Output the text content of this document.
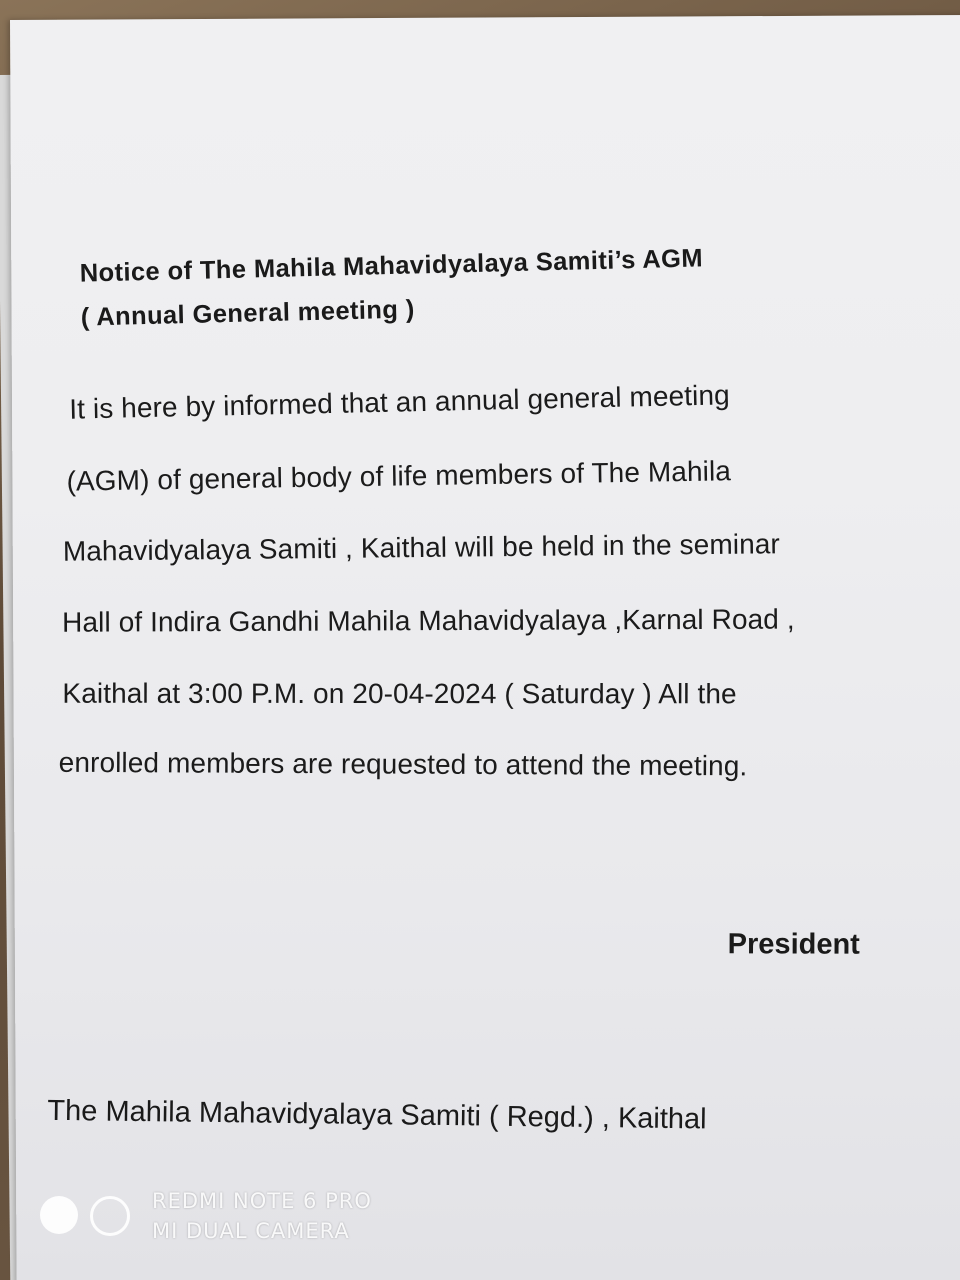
Notice of The Mahila Mahavidyalaya Samiti’s AGM
( Annual General meeting )
It is here by informed that an annual general meeting
(AGM) of general body of life members of The Mahila
Mahavidyalaya Samiti , Kaithal will be held in the seminar
Hall of Indira Gandhi Mahila Mahavidyalaya ,Karnal Road ,
Kaithal at 3:00 P.M. on 20-04-2024 ( Saturday ) All the
enrolled members are requested to attend the meeting.
President
The Mahila Mahavidyalaya Samiti ( Regd.) , Kaithal
REDMI NOTE 6 PRO
MI DUAL CAMERA
